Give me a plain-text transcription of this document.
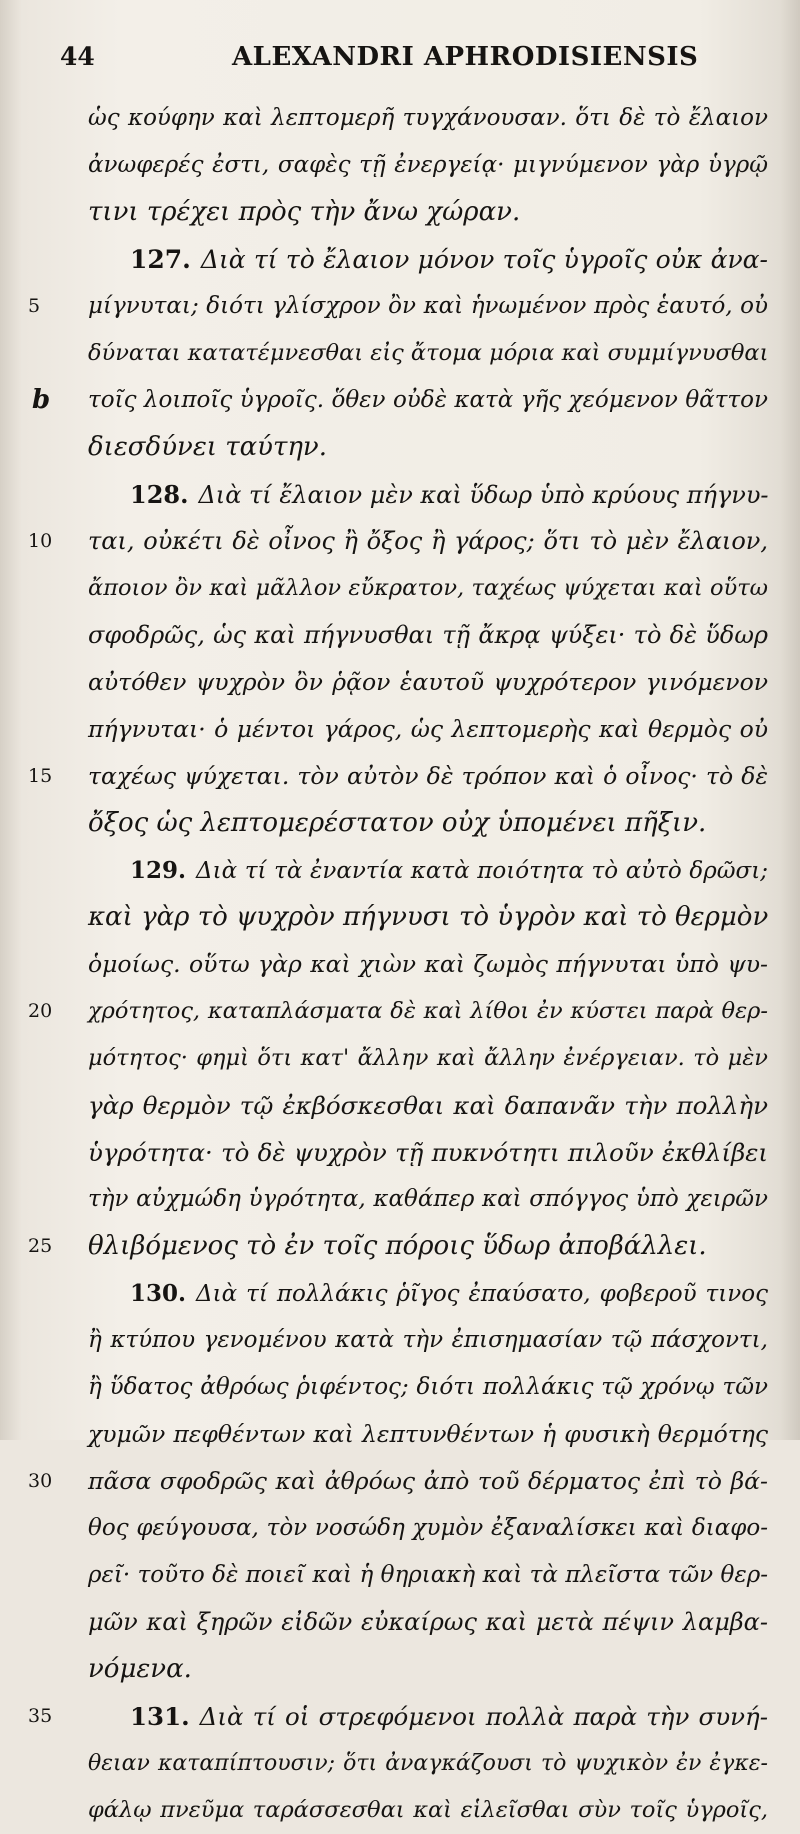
44	ALEXANDRI APHRODISIENSIS
ὡς κούφην καὶ λεπτομερῆ τυγχάνουσαν. ὅτι δὲ τὸ ἔλαιον
ἀνωφερές ἐστι, σαφὲς τῇ ἐνεργείᾳ· μιγνύμενον γὰρ ὑγρῷ
τινι τρέχει πρὸς τὴν ἄνω χώραν.
127. Διὰ τί τὸ ἔλαιον μόνον τοῖς ὑγροῖς οὐκ ἀνα-
5	μίγνυται; διότι γλίσχρον ὂν καὶ ἡνωμένον πρὸς ἑαυτό, οὐ
δύναται κατατέμνεσθαι εἰς ἄτομα μόρια καὶ συμμίγνυσθαι
b τοῖς λοιποῖς ὑγροῖς. ὅθεν οὐδὲ κατὰ γῆς χεόμενον θᾶττον
διεσδύνει ταύτην.
128. Διὰ τί ἔλαιον μὲν καὶ ὕδωρ ὑπὸ κρύους πήγνυ-
10	ται, οὐκέτι δὲ οἶνος ἢ ὄξος ἢ γάρος; ὅτι τὸ μὲν ἔλαιον,
ἄποιον ὂν καὶ μᾶλλον εὔκρατον, ταχέως ψύχεται καὶ οὕτω
σφοδρῶς, ὡς καὶ πήγνυσθαι τῇ ἄκρᾳ ψύξει· τὸ δὲ ὕδωρ
αὐτόθεν ψυχρὸν ὂν ῥᾷον ἑαυτοῦ ψυχρότερον γινόμενον
πήγνυται· ὁ μέντοι γάρος, ὡς λεπτομερὴς καὶ θερμὸς οὐ
15	ταχέως ψύχεται. τὸν αὐτὸν δὲ τρόπον καὶ ὁ οἶνος· τὸ δὲ
ὄξος ὡς λεπτομερέστατον οὐχ ὑπομένει πῆξιν.
129. Διὰ τί τὰ ἐναντία κατὰ ποιότητα τὸ αὐτὸ δρῶσι;
καὶ γὰρ τὸ ψυχρὸν πήγνυσι τὸ ὑγρὸν καὶ τὸ θερμὸν
ὁμοίως. οὕτω γὰρ καὶ χιὼν καὶ ζωμὸς πήγνυται ὑπὸ ψυ-
20	χρότητος, καταπλάσματα δὲ καὶ λίθοι ἐν κύστει παρὰ θερ-
μότητος· φημὶ ὅτι κατ' ἄλλην καὶ ἄλλην ἐνέργειαν. τὸ μὲν
γὰρ θερμὸν τῷ ἐκβόσκεσθαι καὶ δαπανᾶν τὴν πολλὴν
ὑγρότητα· τὸ δὲ ψυχρὸν τῇ πυκνότητι πιλοῦν ἐκθλίβει
τὴν αὐχμώδη ὑγρότητα, καθάπερ καὶ σπόγγος ὑπὸ χειρῶν
25	θλιβόμενος τὸ ἐν τοῖς πόροις ὕδωρ ἀποβάλλει.
130. Διὰ τί πολλάκις ῥῖγος ἐπαύσατο, φοβεροῦ τινος
ἢ κτύπου γενομένου κατὰ τὴν ἐπισημασίαν τῷ πάσχοντι,
ἢ ὕδατος ἀθρόως ῥιφέντος; διότι πολλάκις τῷ χρόνῳ τῶν
χυμῶν πεφθέντων καὶ λεπτυνθέντων ἡ φυσικὴ θερμότης
30	πᾶσα σφοδρῶς καὶ ἀθρόως ἀπὸ τοῦ δέρματος ἐπὶ τὸ βά-
θος φεύγουσα, τὸν νοσώδη χυμὸν ἐξαναλίσκει καὶ διαφο-
ρεῖ· τοῦτο δὲ ποιεῖ καὶ ἡ θηριακὴ καὶ τὰ πλεῖστα τῶν θερ-
μῶν καὶ ξηρῶν εἰδῶν εὐκαίρως καὶ μετὰ πέψιν λαμβα-
νόμενα.
35	131. Διὰ τί οἱ στρεφόμενοι πολλὰ παρὰ τὴν συνή-
θειαν καταπίπτουσιν; ὅτι ἀναγκάζουσι τὸ ψυχικὸν ἐν ἐγκε-
φάλῳ πνεῦμα ταράσσεσθαι καὶ εἱλεῖσθαι σὺν τοῖς ὑγροῖς,
